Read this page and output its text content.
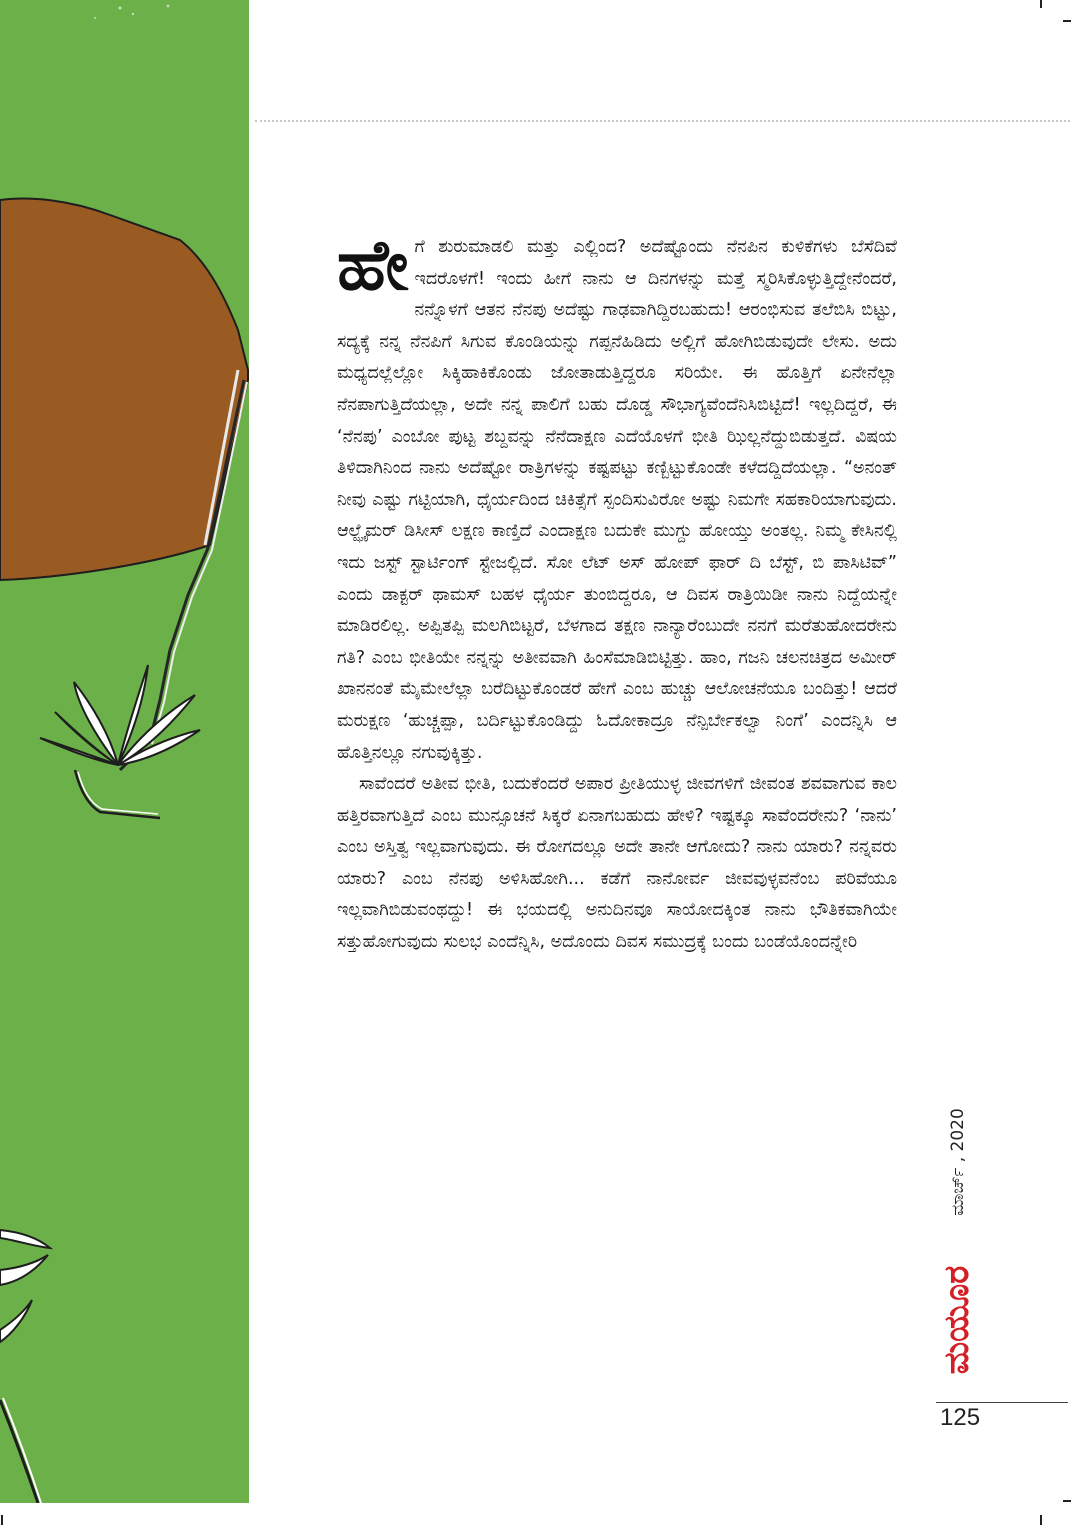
ಹೇಗೆ ಶುರುಮಾಡಲಿ ಮತ್ತು ಎಲ್ಲಿಂದ? ಅದೆಷ್ಟೊಂದು ನೆನಪಿನ ಕುಳಿಕೆಗಳು ಬೆಸೆದಿವೆ ಇದರೊಳಗೆ! ಇಂದು ಹೀಗೆ ನಾನು ಆ ದಿನಗಳನ್ನು ಮತ್ತೆ ಸ್ಮರಿಸಿಕೊಳ್ಳುತ್ತಿದ್ದೇನೆಂದರೆ, ನನ್ನೊಳಗೆ ಆತನ ನೆನಪು ಅದೆಷ್ಟು ಗಾಢವಾಗಿದ್ದಿರಬಹುದು! ಆರಂಭಿಸುವ ತಲೆಬಿಸಿ ಬಿಟ್ಟು, ಸದ್ಯಕ್ಕೆ ನನ್ನ ನೆನಪಿಗೆ ಸಿಗುವ ಕೊಂಡಿಯನ್ನು ಗಪ್ಪನೆಹಿಡಿದು ಅಲ್ಲಿಗೆ ಹೋಗಿಬಿಡುವುದೇ ಲೇಸು. ಅದು ಮಧ್ಯದಲ್ಲೆಲ್ಲೋ ಸಿಕ್ಕಿಹಾಕಿಕೊಂಡು ಜೋತಾಡುತ್ತಿದ್ದರೂ ಸರಿಯೇ. ಈ ಹೊತ್ತಿಗೆ ಏನೇನೆಲ್ಲಾ ನೆನಪಾಗುತ್ತಿದೆಯಲ್ಲಾ, ಅದೇ ನನ್ನ ಪಾಲಿಗೆ ಬಹು ದೊಡ್ಡ ಸೌಭಾಗ್ಯವೆಂದೆನಿಸಿಬಿಟ್ಟಿದೆ! ಇಲ್ಲದಿದ್ದರೆ, ಈ ‘ನೆನಪು’ ಎಂಬೋ ಪುಟ್ಟ ಶಬ್ದವನ್ನು ನೆನೆದಾಕ್ಷಣ ಎದೆಯೊಳಗೆ ಭೀತಿ ಝಿಲ್ಲನೆದ್ದುಬಿಡುತ್ತದೆ. ವಿಷಯ ತಿಳಿದಾಗಿನಿಂದ ನಾನು ಅದೆಷ್ಟೋ ರಾತ್ರಿಗಳನ್ನು ಕಷ್ಟಪಟ್ಟು ಕಣ್ಬಿಟ್ಟುಕೊಂಡೇ ಕಳೆದದ್ದಿದೆಯಲ್ಲಾ. “ಅನಂತ್ ನೀವು ಎಷ್ಟು ಗಟ್ಟಿಯಾಗಿ, ಧೈರ್ಯದಿಂದ ಚಿಕಿತ್ಸೆಗೆ ಸ್ಪಂದಿಸುವಿರೋ ಅಷ್ಟು ನಿಮಗೇ ಸಹಕಾರಿಯಾಗುವುದು. ಆಲ್ಝೈಮರ್ ಡಿಸೀಸ್ ಲಕ್ಷಣ ಕಾಣ್ತಿದೆ ಎಂದಾಕ್ಷಣ ಬದುಕೇ ಮುಗ್ದು ಹೋಯ್ತು ಅಂತಲ್ಲ. ನಿಮ್ಮ ಕೇಸಿನಲ್ಲಿ ಇದು ಜಸ್ಟ್ ಸ್ಟಾರ್ಟಿಂಗ್ ಸ್ಟೇಜಲ್ಲಿದೆ. ಸೋ ಲೆಟ್ ಅಸ್ ಹೋಪ್ ಫಾರ್ ದಿ ಬೆಸ್ಟ್, ಬಿ ಪಾಸಿಟಿವ್” ಎಂದು ಡಾಕ್ಟರ್ ಥಾಮಸ್ ಬಹಳ ಧೈರ್ಯ ತುಂಬಿದ್ದರೂ, ಆ ದಿವಸ ರಾತ್ರಿಯಿಡೀ ನಾನು ನಿದ್ದೆಯನ್ನೇ ಮಾಡಿರಲಿಲ್ಲ. ಅಪ್ಪಿತಪ್ಪಿ ಮಲಗಿಬಿಟ್ಟರೆ, ಬೆಳಗಾದ ತಕ್ಷಣ ನಾನ್ಯಾರೆಂಬುದೇ ನನಗೆ ಮರೆತುಹೋದರೇನು ಗತಿ? ಎಂಬ ಭೀತಿಯೇ ನನ್ನನ್ನು ಅತೀವವಾಗಿ ಹಿಂಸೆಮಾಡಿಬಿಟ್ಟಿತ್ತು. ಹಾಂ, ಗಜನಿ ಚಲನಚಿತ್ರದ ಅಮೀರ್ ಖಾನನಂತೆ ಮೈಮೇಲೆಲ್ಲಾ ಬರೆದಿಟ್ಟುಕೊಂಡರೆ ಹೇಗೆ ಎಂಬ ಹುಚ್ಚು ಆಲೋಚನೆಯೂ ಬಂದಿತ್ತು! ಆದರೆ ಮರುಕ್ಷಣ ‘ಹುಚ್ಚಪ್ಪಾ, ಬರ್ದಿಟ್ಟುಕೊಂಡಿದ್ದು ಓದೋಕಾದ್ರೂ ನೆನ್ಪಿರ್ಬೇಕಲ್ವಾ ನಿಂಗೆ’ ಎಂದನ್ನಿಸಿ ಆ ಹೊತ್ತಿನಲ್ಲೂ ನಗುವುಕ್ಕಿತ್ತು.

ಸಾವೆಂದರೆ ಅತೀವ ಭೀತಿ, ಬದುಕೆಂದರೆ ಅಪಾರ ಪ್ರೀತಿಯುಳ್ಳ ಜೀವಗಳಿಗೆ ಜೀವಂತ ಶವವಾಗುವ ಕಾಲ ಹತ್ತಿರವಾಗುತ್ತಿದೆ ಎಂಬ ಮುನ್ಸೂಚನೆ ಸಿಕ್ಕರೆ ಏನಾಗಬಹುದು ಹೇಳಿ? ಇಷ್ಟಕ್ಕೂ ಸಾವೆಂದರೇನು? ‘ನಾನು’ ಎಂಬ ಅಸ್ತಿತ್ವ ಇಲ್ಲವಾಗುವುದು. ಈ ರೋಗದಲ್ಲೂ ಅದೇ ತಾನೇ ಆಗೋದು? ನಾನು ಯಾರು? ನನ್ನವರು ಯಾರು? ಎಂಬ ನೆನಪು ಅಳಿಸಿಹೋಗಿ... ಕಡೆಗೆ ನಾನೋರ್ವ ಜೀವವುಳ್ಳವನೆಂಬ ಪರಿವೆಯೂ ಇಲ್ಲವಾಗಿಬಿಡುವಂಥದ್ದು! ಈ ಭಯದಲ್ಲಿ ಅನುದಿನವೂ ಸಾಯೋದಕ್ಕಿಂತ ನಾನು ಭೌತಿಕವಾಗಿಯೇ ಸತ್ತುಹೋಗುವುದು ಸುಲಭ ಎಂದೆನ್ನಿಸಿ, ಅದೊಂದು ದಿವಸ ಸಮುದ್ರಕ್ಕೆ ಬಂದು ಬಂಡೆಯೊಂದನ್ನೇರಿ

ಮಾರ್ಚ್ , 2020
ಮಯೂರ
125
